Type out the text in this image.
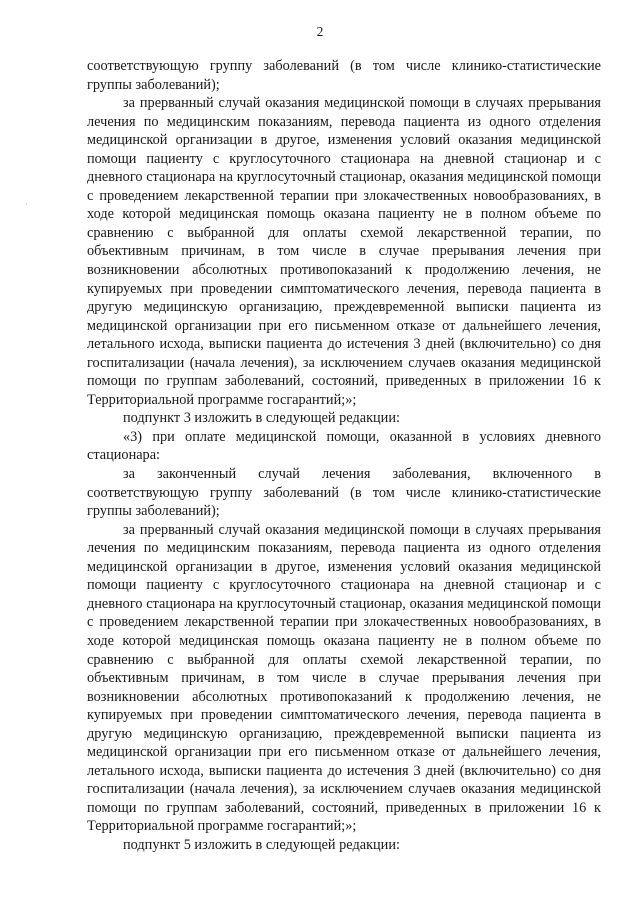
2
·

соответствующую группу заболеваний (в том числе клинико-статистические группы заболеваний);

за прерванный случай оказания медицинской помощи в случаях прерывания лечения по медицинским показаниям, перевода пациента из одного отделения медицинской организации в другое, изменения условий оказания медицинской помощи пациенту с круглосуточного стационара на дневной стационар и с дневного стационара на круглосуточный стационар, оказания медицинской помощи с проведением лекарственной терапии при злокачественных новообразованиях, в ходе которой медицинская помощь оказана пациенту не в полном объеме по сравнению с выбранной для оплаты схемой лекарственной терапии, по объективным причинам, в том числе в случае прерывания лечения при возникновении абсолютных противопоказаний к продолжению лечения, не купируемых при проведении симптоматического лечения, перевода пациента в другую медицинскую организацию, преждевременной выписки пациента из медицинской организации при его письменном отказе от дальнейшего лечения, летального исхода, выписки пациента до истечения 3 дней (включительно) со дня госпитализации (начала лечения), за исключением случаев оказания медицинской помощи по группам заболеваний, состояний, приведенных в приложении 16 к Территориальной программе госгарантий;»;

подпункт 3 изложить в следующей редакции:

«3) при оплате медицинской помощи, оказанной в условиях дневного стационара:

за законченный случай лечения заболевания, включенного в соответствующую группу заболеваний (в том числе клинико-статистические группы заболеваний);

за прерванный случай оказания медицинской помощи в случаях прерывания лечения по медицинским показаниям, перевода пациента из одного отделения медицинской организации в другое, изменения условий оказания медицинской помощи пациенту с круглосуточного стационара на дневной стационар и с дневного стационара на круглосуточный стационар, оказания медицинской помощи с проведением лекарственной терапии при злокачественных новообразованиях, в ходе которой медицинская помощь оказана пациенту не в полном объеме по сравнению с выбранной для оплаты схемой лекарственной терапии, по объективным причинам, в том числе в случае прерывания лечения при возникновении абсолютных противопоказаний к продолжению лечения, не купируемых при проведении симптоматического лечения, перевода пациента в другую медицинскую организацию, преждевременной выписки пациента из медицинской организации при его письменном отказе от дальнейшего лечения, летального исхода, выписки пациента до истечения 3 дней (включительно) со дня госпитализации (начала лечения), за исключением случаев оказания медицинской помощи по группам заболеваний, состояний, приведенных в приложении 16 к Территориальной программе госгарантий;»;

подпункт 5 изложить в следующей редакции:
